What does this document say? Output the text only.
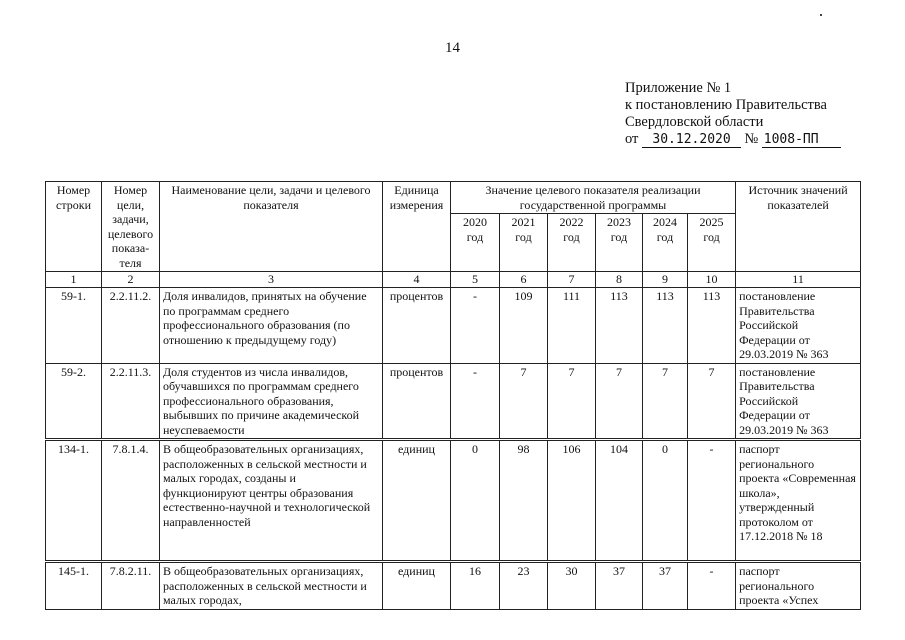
14
Приложение № 1
к постановлению Правительства
Свердловской области
от 30.12.2020 № 1008-ПП
Номер строки	Номер цели, задачи, целевого показа-теля	Наименование цели, задачи и целевого показателя	Единица измерения	Значение целевого показателя реализации государственной программы						Источник значений показателей
				2020 год	2021 год	2022 год	2023 год	2024 год	2025 год	
1	2	3	4	5	6	7	8	9	10	11
59-1.	2.2.11.2.	Доля инвалидов, принятых на обучение по программам среднего профессионального образования (по отношению к предыдущему году)	процентов	-	109	111	113	113	113	постановление Правительства Российской Федерации от 29.03.2019 № 363
59-2.	2.2.11.3.	Доля студентов из числа инвалидов, обучавшихся по программам среднего профессионального образования, выбывших по причине академической неуспеваемости	процентов	-	7	7	7	7	7	постановление Правительства Российской Федерации от 29.03.2019 № 363
134-1.	7.8.1.4.	В общеобразовательных организациях, расположенных в сельской местности и малых городах, созданы и функционируют центры образования естественно-научной и технологической направленностей	единиц	0	98	106	104	0	-	паспорт регионального проекта «Современная школа», утвержденный протоколом от 17.12.2018 № 18
145-1.	7.8.2.11.	В общеобразовательных организациях, расположенных в сельской местности и малых городах,	единиц	16	23	30	37	37	-	паспорт регионального проекта «Успех
